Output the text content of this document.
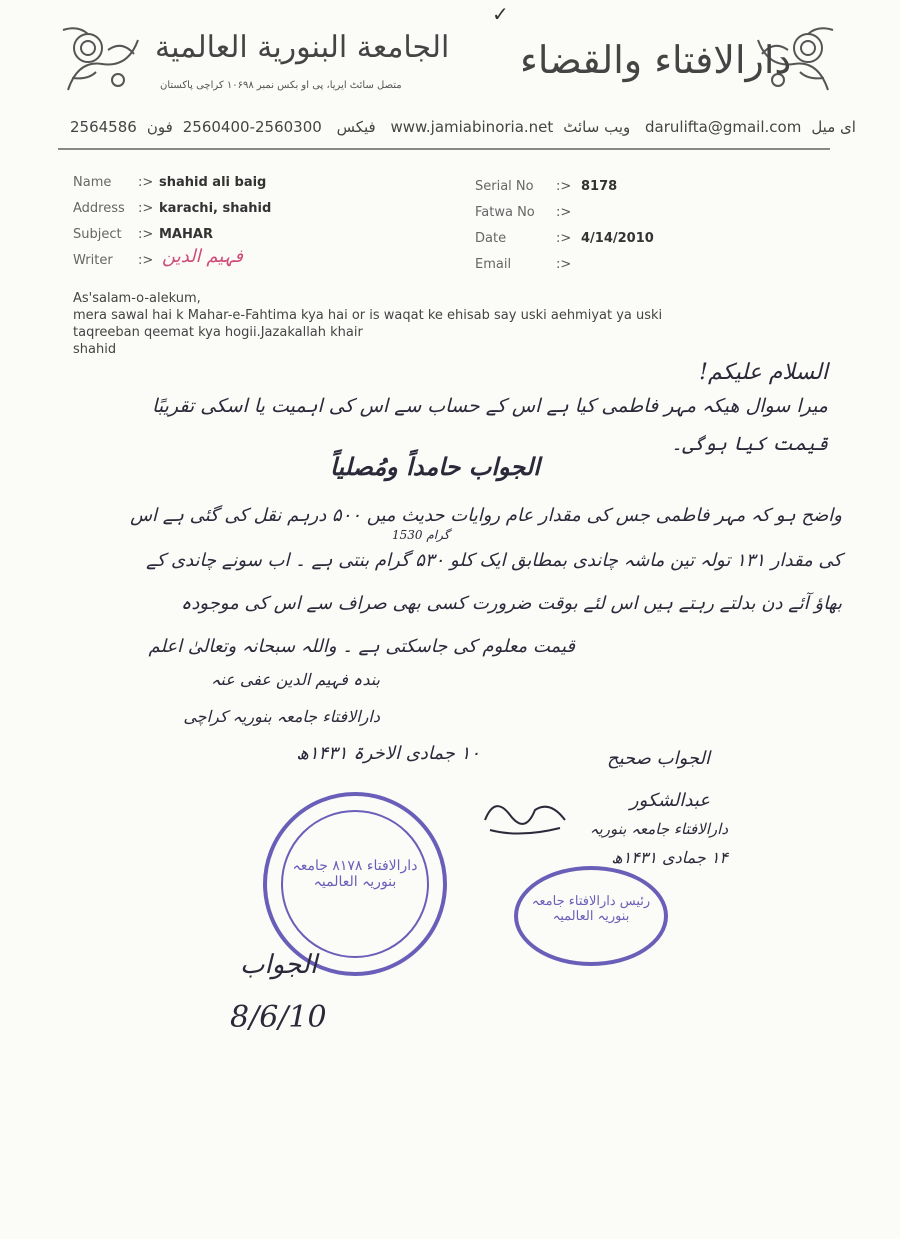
الجامعة البنورية العالمية
متصل سائٹ ایریا، پی او بکس نمبر ۱۰۶۹۸ کراچی پاکستان
دارالافتاء والقضاء
✓
2564586	فیکس 2560300-2560400فون	www.jamiabinoria.net ویب سائٹ darulifta@gmail.com ای میل
Name :> shahid ali baig
Address :> karachi, shahid
Subject :> MAHAR
Writer :> فہیم الدین
Serial No :> 8178
Fatwa No :>
Date	:> 4/14/2010
Email	:>
As'salam-o-alekum,
mera sawal hai k Mahar-e-Fahtima kya hai or is waqat ke ehisab say uski aehmiyat ya uski
taqreeban qeemat kya hogii.Jazakallah khair
shahid
السلام علیکم!
میرا سوال ھیکہ مہر فاطمی کیا ہے اس کے حساب سے اس کی اہمیت یا اسکی تقریبًا
قیمت کیا ہوگی۔
الجواب حامداً ومُصلیاً
واضح ہو کہ مہر فاطمی جس کی مقدار عام روایات حدیث میں ۵۰۰ درہم نقل کی گئی ہے اس
1530 گرام
کی مقدار ۱۳۱ تولہ تین ماشہ چاندی بمطابق ایک کلو ۵۳۰ گرام بنتی ہے ۔ اب سونے چاندی کے
بھاؤ آئے دن بدلتے رہتے ہیں اس لئے بوقت ضرورت کسی بھی صراف سے اس کی موجودہ
قیمت معلوم کی جاسکتی ہے ۔ واللہ سبحانہ وتعالیٰ اعلم
بندہ فہیم الدین عفی عنہ
دارالافتاء جامعہ بنوریہ کراچی
۱۰ جمادی الاخرۃ ۱۴۳۱ھ	الجواب صحیح
عبدالشکور
دارالافتاء جامعہ بنوریہ
۱۴ جمادی ۱۴۳۱ھ
دارالافتاء ۸۱۷۸ جامعہ بنوریہ العالمیہ
رئیس دارالافتاء جامعہ بنوریہ العالمیہ
الجواب
8/6/10
